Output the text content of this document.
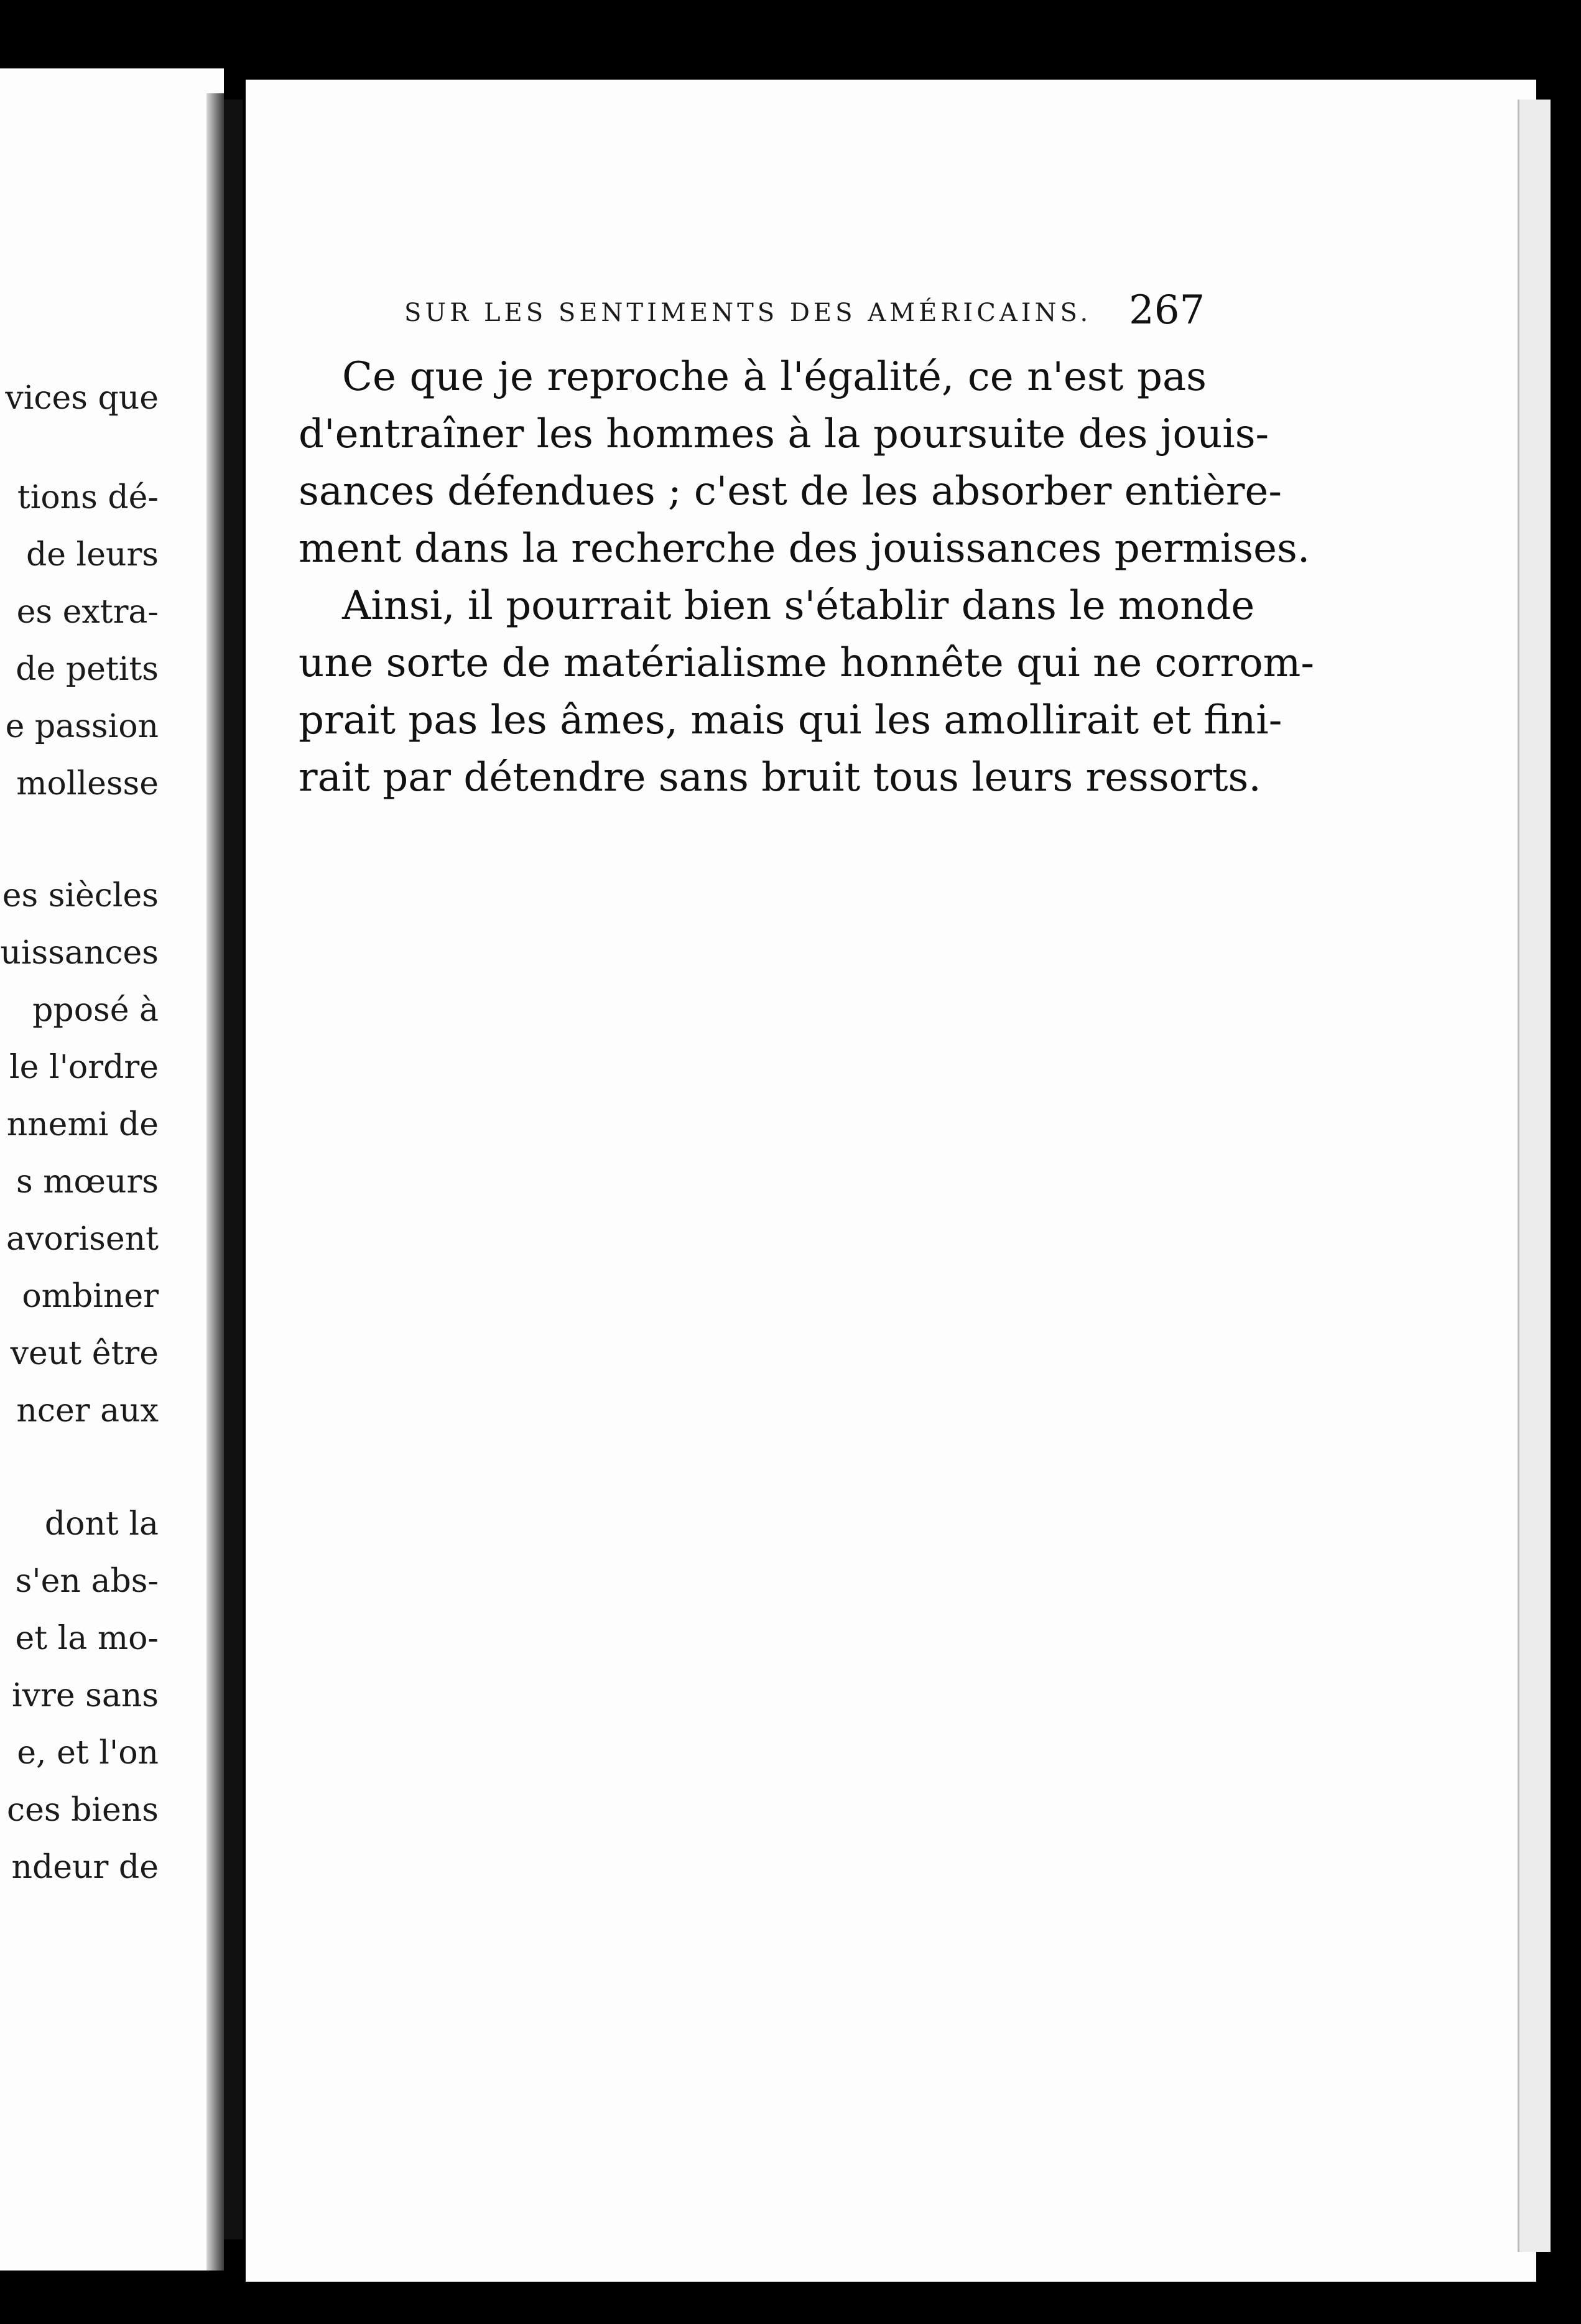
vices que
tions dé-
de leurs
es extra-
de petits
e passion
mollesse
es siècles
uissances
pposé à
le l'ordre
nnemi de
s mœurs
avorisent
ombiner
veut être
ncer aux
dont la
s'en abs-
et la mo-
ivre sans
e, et l'on
ces biens
ndeur de
SUR LES SENTIMENTS DES AMÉRICAINS. 267
Ce que je reproche à l'égalité, ce n'est pas
d'entraîner les hommes à la poursuite des jouis-
sances défendues ; c'est de les absorber entière-
ment dans la recherche des jouissances permises.
Ainsi, il pourrait bien s'établir dans le monde
une sorte de matérialisme honnête qui ne corrom-
prait pas les âmes, mais qui les amollirait et fini-
rait par détendre sans bruit tous leurs ressorts.
